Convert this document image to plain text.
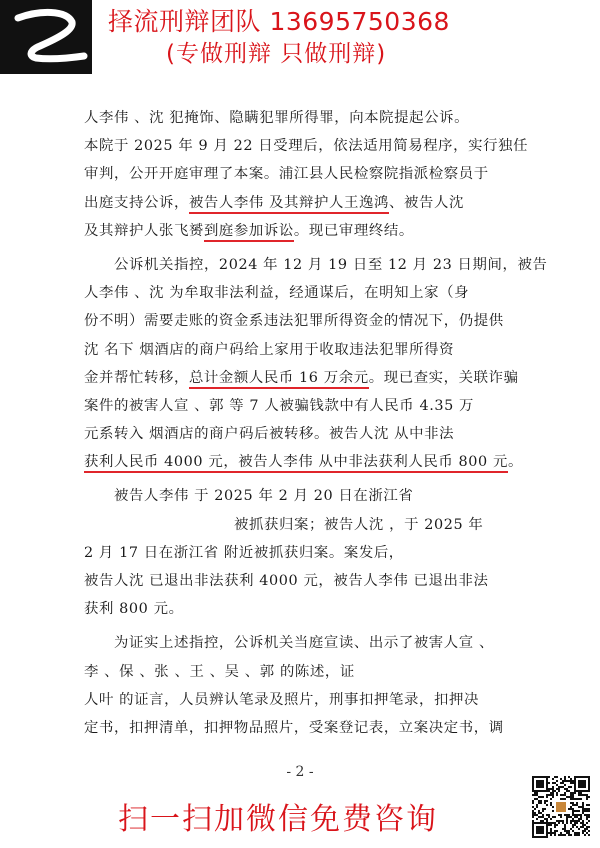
择流刑辩团队 13695750368
(专做刑辩 只做刑辩)
人李伟 、沈 犯掩饰、隐瞒犯罪所得罪，向本院提起公诉。
本院于 2025 年 9 月 22 日受理后，依法适用简易程序，实行独任
审判，公开开庭审理了本案。浦江县人民检察院指派检察员于
出庭支持公诉，被告人李伟 及其辩护人王逸鸿、被告人沈
及其辩护人张飞赟到庭参加诉讼。现已审理终结。
公诉机关指控，2024 年 12 月 19 日至 12 月 23 日期间，被告
人李伟 、沈 为牟取非法利益，经通谋后，在明知上家（身
份不明）需要走账的资金系违法犯罪所得资金的情况下，仍提供
沈 名下 烟酒店的商户码给上家用于收取违法犯罪所得资
金并帮忙转移，总计金额人民币 16 万余元。现已查实，关联诈骗
案件的被害人宣 、郭 等 7 人被骗钱款中有人民币 4.35 万
元系转入 烟酒店的商户码后被转移。被告人沈 从中非法
获利人民币 4000 元，被告人李伟 从中非法获利人民币 800 元。
被告人李伟 于 2025 年 2 月 20 日在浙江省
被抓获归案；被告人沈 ，于 2025 年
2 月 17 日在浙江省 附近被抓获归案。案发后，
被告人沈 已退出非法获利 4000 元，被告人李伟 已退出非法
获利 800 元。
为证实上述指控，公诉机关当庭宣读、出示了被害人宣 、
李 、保 、张 、王 、吴 、郭 的陈述，证
人叶 的证言，人员辨认笔录及照片，刑事扣押笔录，扣押决
定书，扣押清单，扣押物品照片，受案登记表，立案决定书，调
- 2 -
扫一扫加微信免费咨询
